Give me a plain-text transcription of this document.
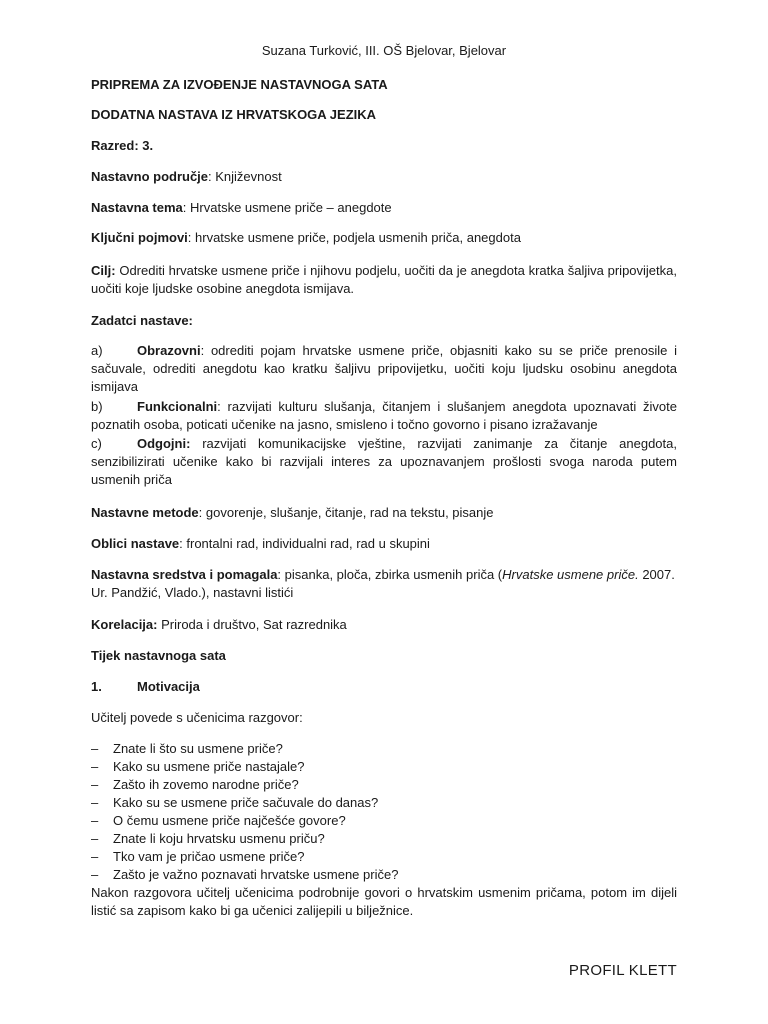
Suzana Turković, III. OŠ Bjelovar, Bjelovar

PRIPREMA ZA IZVOĐENJE NASTAVNOGA SATA

DODATNA NASTAVA IZ HRVATSKOGA JEZIKA

Razred: 3.

Nastavno područje: Književnost

Nastavna tema: Hrvatske usmene priče – anegdote

Ključni pojmovi: hrvatske usmene priče, podjela usmenih priča, anegdota

Cilj: Odrediti hrvatske usmene priče i njihovu podjelu, uočiti da je anegdota kratka šaljiva pripovijetka, uočiti koje ljudske osobine anegdota ismijava.

Zadatci nastave:

a)	Obrazovni: odrediti pojam hrvatske usmene priče, objasniti kako su se priče prenosile i sačuvale, odrediti anegdotu kao kratku šaljivu pripovijetku, uočiti koju ljudsku osobinu anegdota ismijava

b)	Funkcionalni: razvijati kulturu slušanja, čitanjem i slušanjem anegdota upoznavati živote poznatih osoba, poticati učenike na jasno, smisleno i točno govorno i pisano izražavanje

c)	Odgojni: razvijati komunikacijske vještine, razvijati zanimanje za čitanje anegdota, senzibilizirati učenike kako bi razvijali interes za upoznavanjem prošlosti svoga naroda putem usmenih priča

Nastavne metode: govorenje, slušanje, čitanje, rad na tekstu, pisanje

Oblici nastave: frontalni rad, individualni rad, rad u skupini

Nastavna sredstva i pomagala: pisanka, ploča, zbirka usmenih priča (Hrvatske usmene priče. 2007. Ur. Pandžić, Vlado.), nastavni listići

Korelacija: Priroda i društvo, Sat razrednika

Tijek nastavnoga sata

1.	Motivacija

Učitelj povede s učenicima razgovor:

– Znate li što su usmene priče?
– Kako su usmene priče nastajale?
– Zašto ih zovemo narodne priče?
– Kako su se usmene priče sačuvale do danas?
– O čemu usmene priče najčešće govore?
– Znate li koju hrvatsku usmenu priču?
– Tko vam je pričao usmene priče?
– Zašto je važno poznavati hrvatske usmene priče?

Nakon razgovora učitelj učenicima podrobnije govori o hrvatskim usmenim pričama, potom im dijeli listić sa zapisom kako bi ga učenici zalijepili u bilježnice.

PROFIL KLETT
